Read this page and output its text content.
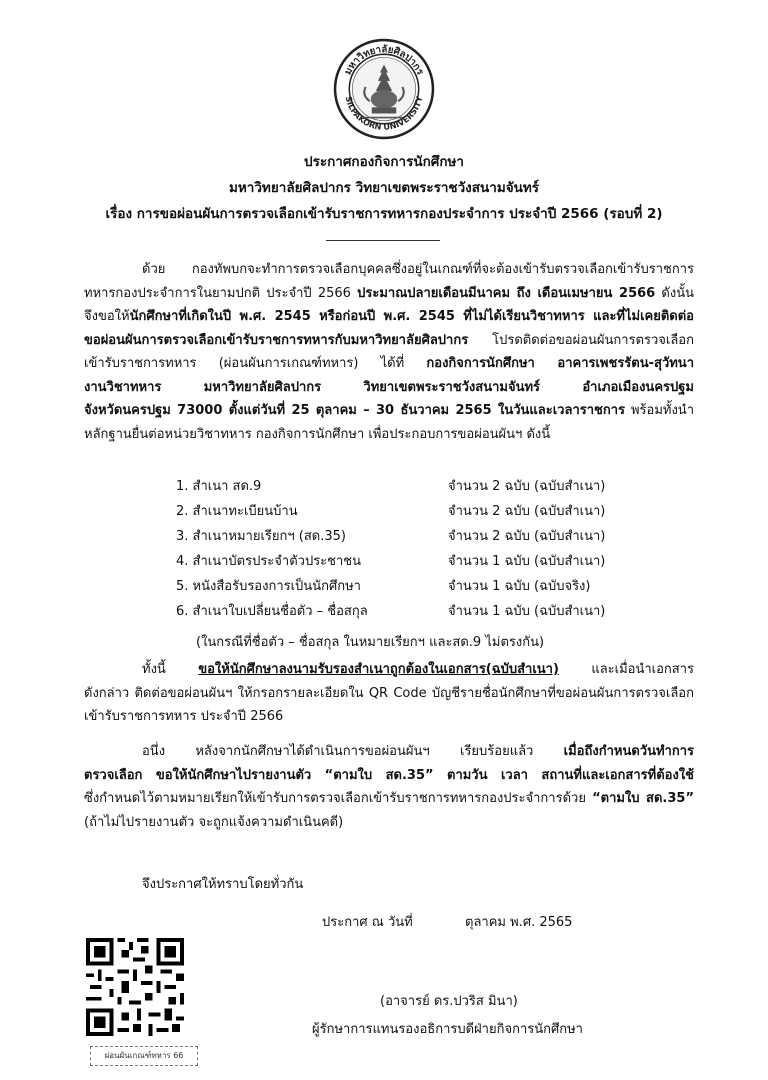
มหาวิทยาลัยศิลปากร
SILPAKORN UNIVERSITY
ประกาศกองกิจการนักศึกษา
มหาวิทยาลัยศิลปากร วิทยาเขตพระราชวังสนามจันทร์
เรื่อง การขอผ่อนผันการตรวจเลือกเข้ารับราชการทหารกองประจำการ ประจำปี 2566 (รอบที่ 2)
ด้วย กองทัพบกจะทำการตรวจเลือกบุคคลซึ่งอยู่ในเกณฑ์ที่จะต้องเข้ารับตรวจเลือกเข้ารับราชการ
ทหารกองประจำการในยามปกติ ประจำปี 2566 ประมาณปลายเดือนมีนาคม ถึง เดือนเมษายน 2566 ดังนั้น
จึงขอให้นักศึกษาที่เกิดในปี พ.ศ. 2545 หรือก่อนปี พ.ศ. 2545 ที่ไม่ได้เรียนวิชาทหาร และที่ไม่เคยติดต่อ
ขอผ่อนผันการตรวจเลือกเข้ารับราชการทหารกับมหาวิทยาลัยศิลปากร โปรดติดต่อขอผ่อนผันการตรวจเลือก
เข้ารับราชการทหาร (ผ่อนผันการเกณฑ์ทหาร) ได้ที่ กองกิจการนักศึกษา อาคารเพชรรัตน-สุวัทนา
งานวิชาทหาร มหาวิทยาลัยศิลปากร วิทยาเขตพระราชวังสนามจันทร์ อำเภอเมืองนครปฐม
จังหวัดนครปฐม 73000 ตั้งแต่วันที่ 25 ตุลาคม – 30 ธันวาคม 2565 ในวันและเวลาราชการ พร้อมทั้งนำ
หลักฐานยื่นต่อหน่วยวิชาทหาร กองกิจการนักศึกษา เพื่อประกอบการขอผ่อนผันฯ ดังนี้
1. สำเนา สด.9	จำนวน 2 ฉบับ (ฉบับสำเนา)
2. สำเนาทะเบียนบ้าน	จำนวน 2 ฉบับ (ฉบับสำเนา)
3. สำเนาหมายเรียกฯ (สด.35)	จำนวน 2 ฉบับ (ฉบับสำเนา)
4. สำเนาบัตรประจำตัวประชาชน	จำนวน 1 ฉบับ (ฉบับสำเนา)
5. หนังสือรับรองการเป็นนักศึกษา	จำนวน 1 ฉบับ (ฉบับจริง)
6. สำเนาใบเปลี่ยนชื่อตัว – ชื่อสกุล	จำนวน 1 ฉบับ (ฉบับสำเนา)
(ในกรณีที่ชื่อตัว – ชื่อสกุล ในหมายเรียกฯ และสด.9 ไม่ตรงกัน)
ทั้งนี้ ขอให้นักศึกษาลงนามรับรองสำเนาถูกต้องในเอกสาร(ฉบับสำเนา) และเมื่อนำเอกสาร
ดังกล่าว ติดต่อขอผ่อนผันฯ ให้กรอกรายละเอียดใน QR Code บัญชีรายชื่อนักศึกษาที่ขอผ่อนผันการตรวจเลือก
เข้ารับราชการทหาร ประจำปี 2566
อนึ่ง หลังจากนักศึกษาได้ดำเนินการขอผ่อนผันฯ เรียบร้อยแล้ว เมื่อถึงกำหนดวันทำการ
ตรวจเลือก ขอให้นักศึกษาไปรายงานตัว “ตามใบ สด.35” ตามวัน เวลา สถานที่และเอกสารที่ต้องใช้
ซึ่งกำหนดไว้ตามหมายเรียกให้เข้ารับการตรวจเลือกเข้ารับราชการทหารกองประจำการด้วย “ตามใบ สด.35”
(ถ้าไม่ไปรายงานตัว จะถูกแจ้งความดำเนินคดี)
จึงประกาศให้ทราบโดยทั่วกัน
ประกาศ ณ วันที่	ตุลาคม พ.ศ. 2565
ผ่อนผันเกณฑ์ทหาร 66
(อาจารย์ ดร.ปวริส มินา)
ผู้รักษาการแทนรองอธิการบดีฝ่ายกิจการนักศึกษา
